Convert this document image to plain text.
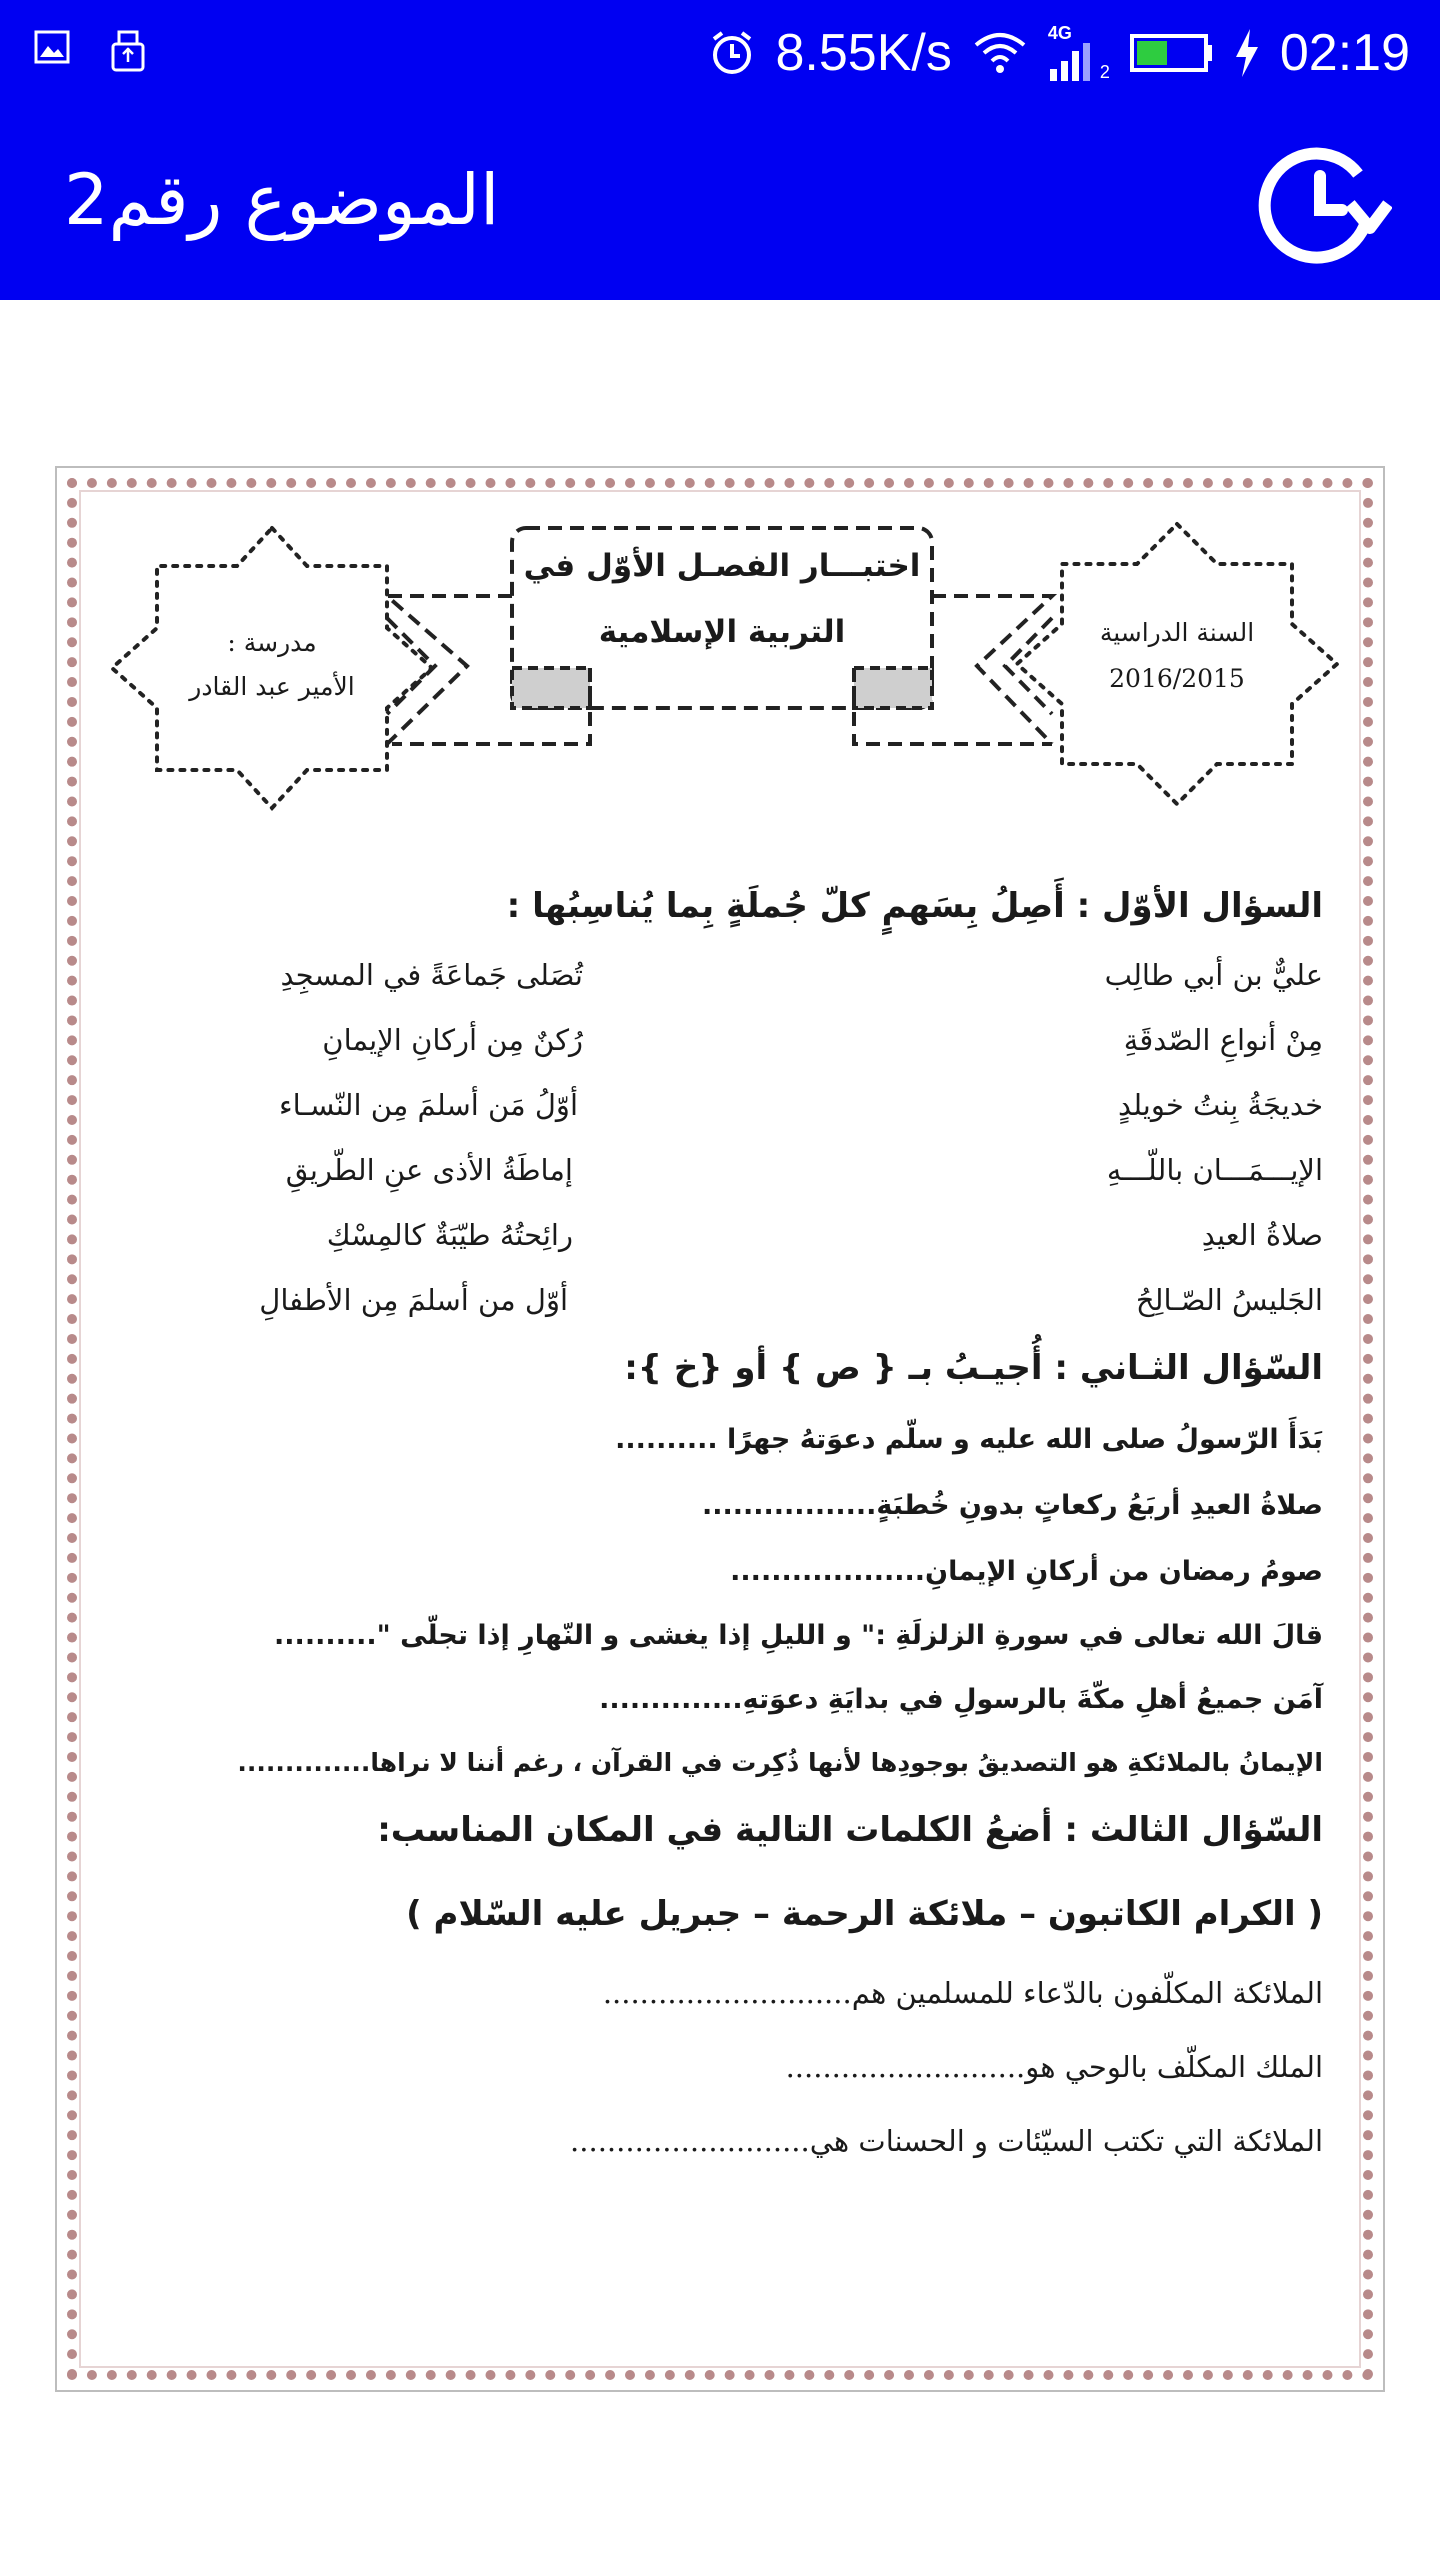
8.55K/s	4G
2	02:19
الموضوع رقم2
مدرسة :
الأمير عبد القادر
اختبـــار الفصـل الأوّل في
التربية الإسلامية	السنة الدراسية
2016/2015
السؤال الأوّل : أَصِلُ بِسَهمٍ كلّ جُملَةٍ بِما يُناسِبُها :
عليٌّ بن أبي طالِب
مِنْ أنواعِ الصّدقَةِ
خديجَةُ بِنتُ خويلدٍ
الإيـــمَـــان باللّـــهِ
صلاةُ العيدِ
الجَليسُ الصّـالِحُ
تُصَلى جَماعَةً في المسجِدِ
رُكنٌ مِن أركانِ الإيمانِ
أوّلُ مَن أسلمَ مِن النّسـاء
إماطَةُ الأذى عنِ الطّريقِ
رائِحتُهُ طيّبَةٌ كالمِسْكِ
أوّل من أسلمَ مِن الأطفالِ
السّؤال الثـاني : أُجيـبُ بـ { ص } أو {خ }:
بَدَأَ الرّسولُ صلى الله عليه و سلّم دعوَتهُ جهرًا ..........
صلاةُ العيدِ أربَعُ ركعاتٍ بدونِ خُطبَةٍ.................
صومُ رمضان من أركانِ الإيمانِ...................
قالَ الله تعالى في سورةِ الزلزلَةِ :" و الليلِ إذا يغشى و النّهارِ إذا تجلّى "..........
آمَن جميعُ أهلِ مكّةَ بالرسولِ في بدايَةِ دعوَتهِ..............
الإيمانُ بالملائكةِ هو التصديقُ بوجودِها لأنها ذُكِرت في القرآن ، رغم أننا لا نراها..............
السّؤال الثالث : أضعُ الكلمات التالية في المكان المناسب:
( الكرام الكاتبون – ملائكة الرحمة – جبريل عليه السّلام )
الملائكة المكلّفون بالدّعاء للمسلمين هم...........................
الملك المكلّف بالوحي هو..........................
الملائكة التي تكتب السيّئات و الحسنات هي..........................
